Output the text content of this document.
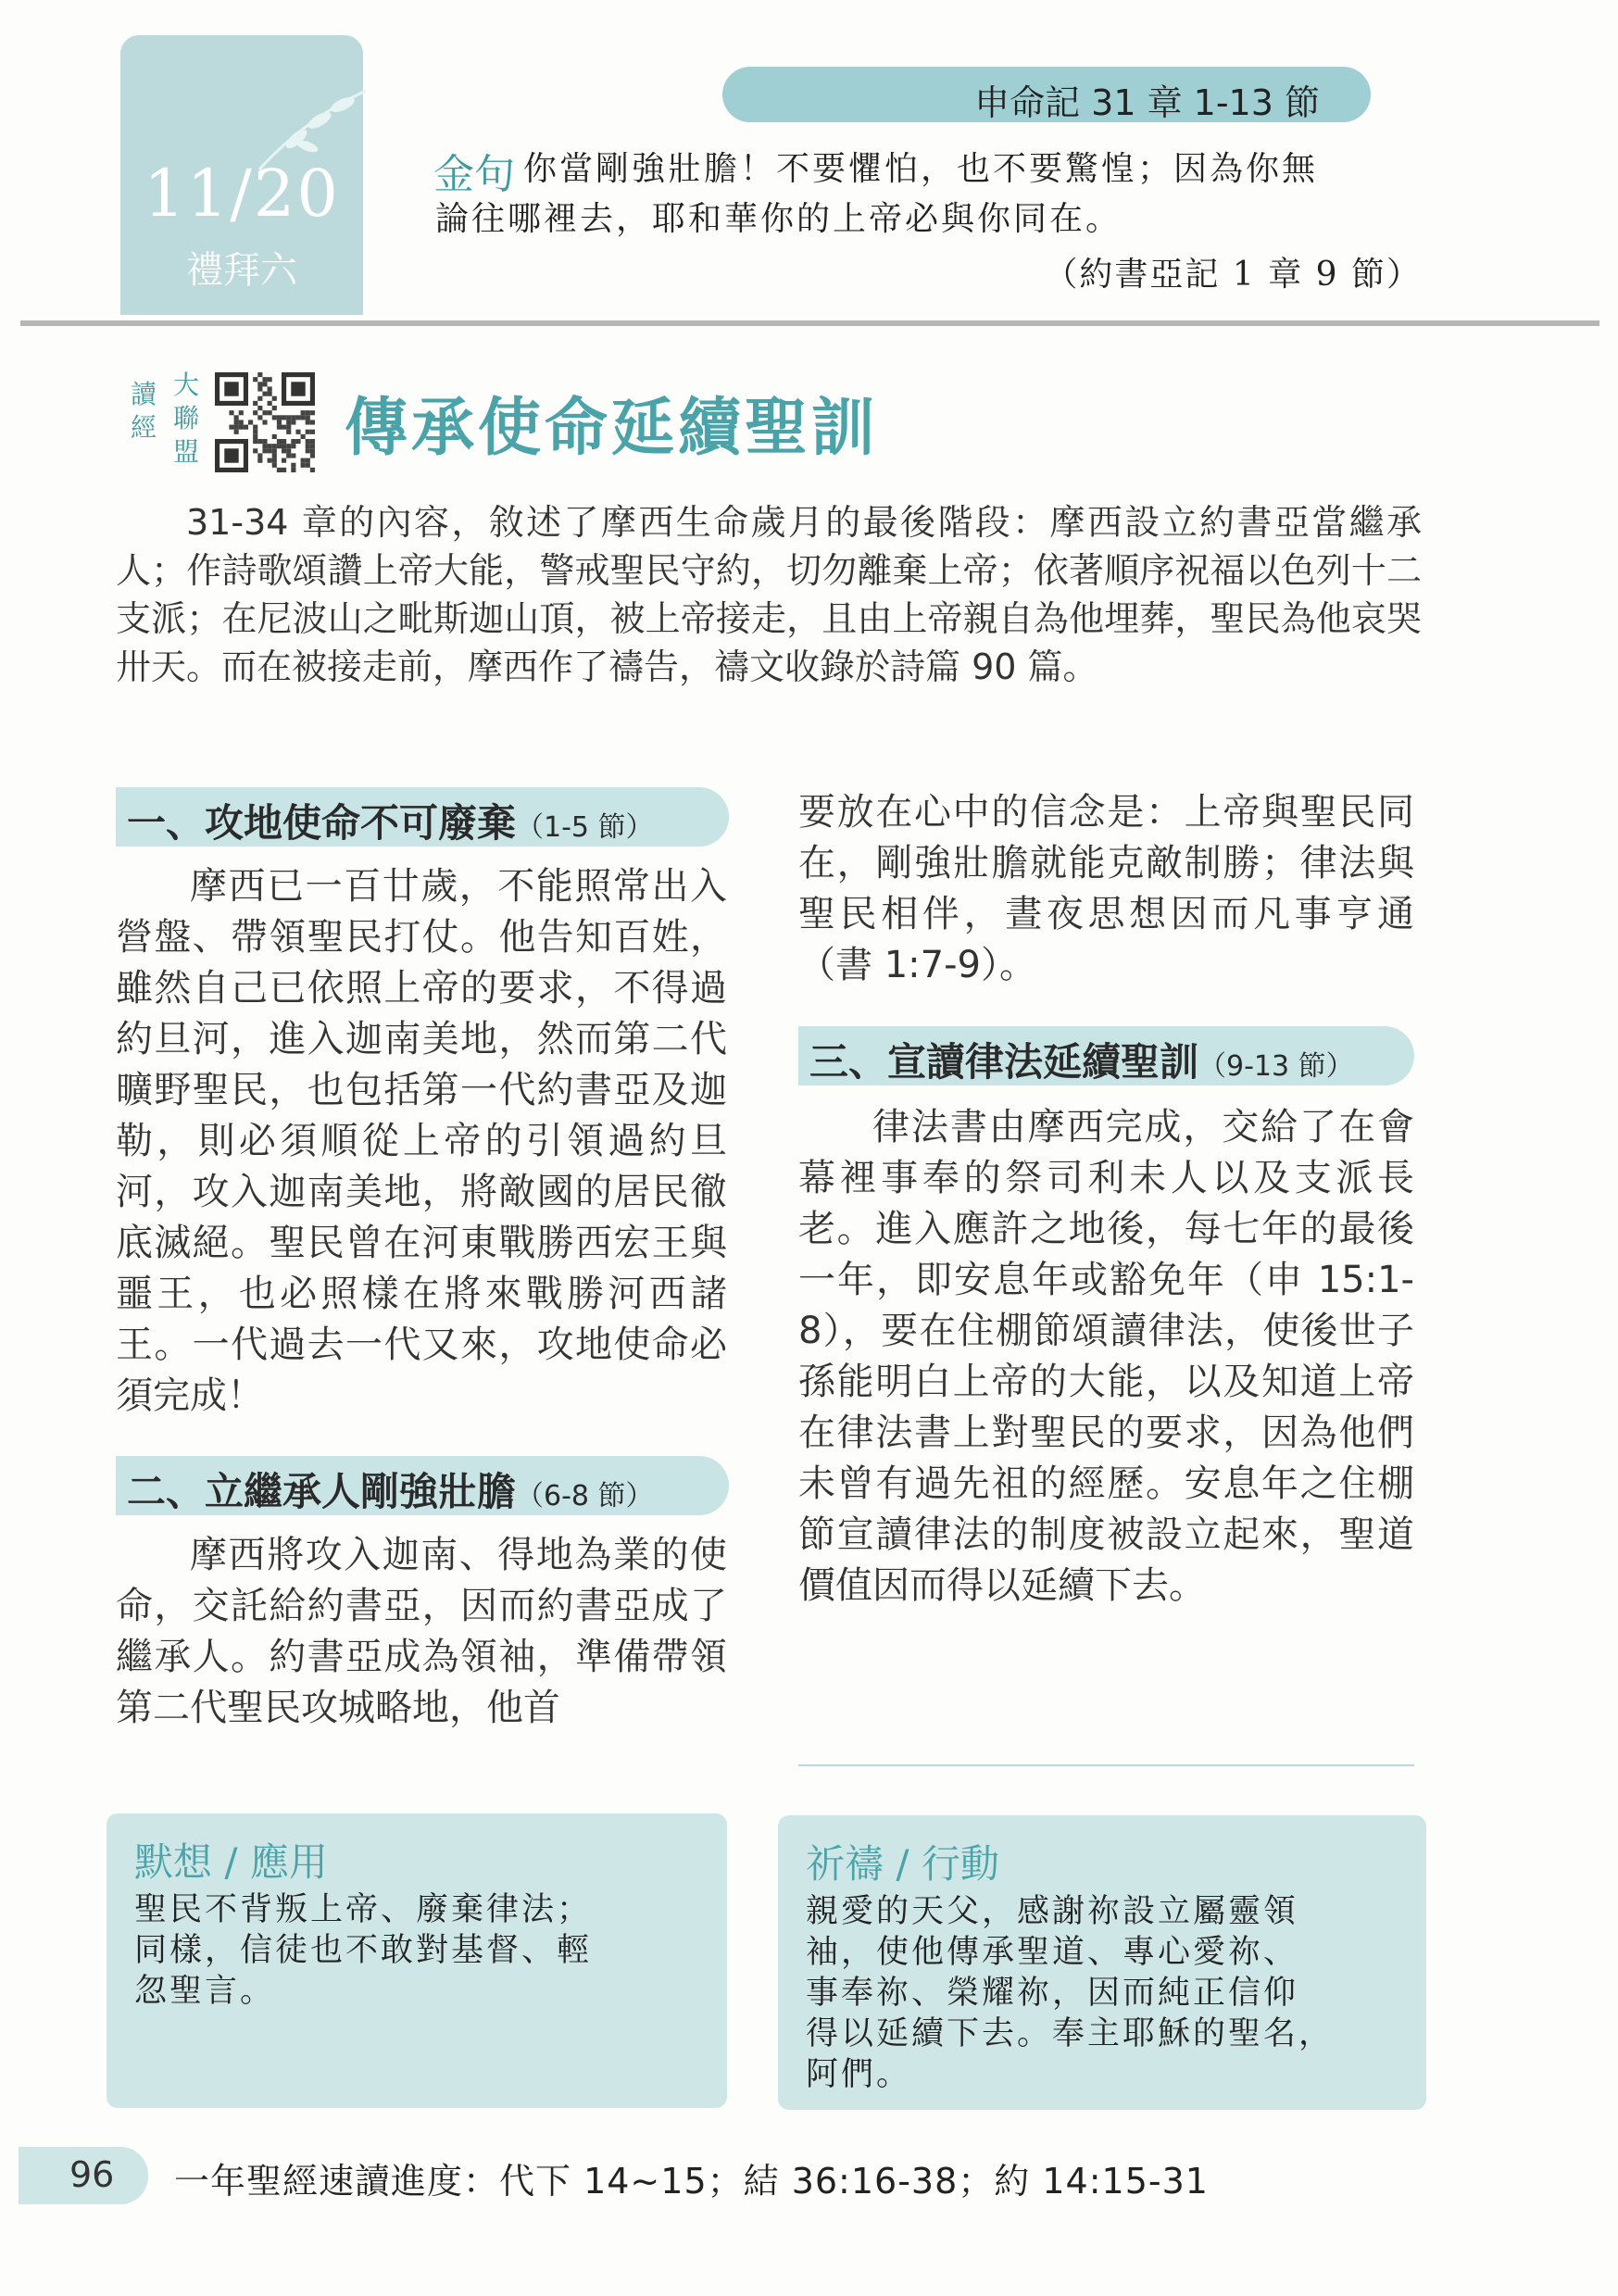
11/20
禮拜六
申命記 31 章 1-13 節
金句 你當剛強壯膽！不要懼怕，也不要驚惶；因為你無
論往哪裡去，耶和華你的上帝必與你同在。
（約書亞記 1 章 9 節）
讀
經
大
聯
盟 傳承使命延續聖訓
31-34 章的內容，敘述了摩西生命歲月的最後階段：摩西設立約書亞當繼承人；作詩歌頌讚上帝大能，警戒聖民守約，切勿離棄上帝；依著順序祝福以色列十二支派；在尼波山之毗斯迦山頂，被上帝接走，且由上帝親自為他埋葬，聖民為他哀哭卅天。而在被接走前，摩西作了禱告，禱文收錄於詩篇 90 篇。
一、攻地使命不可廢棄（1-5 節）
摩西已一百廿歲，不能照常出入營盤、帶領聖民打仗。他告知百姓，雖然自己已依照上帝的要求，不得過約旦河，進入迦南美地，然而第二代曠野聖民，也包括第一代約書亞及迦勒，則必須順從上帝的引領過約旦河，攻入迦南美地，將敵國的居民徹底滅絕。聖民曾在河東戰勝西宏王與噩王，也必照樣在將來戰勝河西諸王。一代過去一代又來，攻地使命必須完成！
二、立繼承人剛強壯膽（6-8 節）
摩西將攻入迦南、得地為業的使命，交託給約書亞，因而約書亞成了繼承人。約書亞成為領袖，準備帶領第二代聖民攻城略地，他首
要放在心中的信念是：上帝與聖民同在，剛強壯膽就能克敵制勝；律法與聖民相伴，晝夜思想因而凡事亨通（書 1:7-9）。
三、宣讀律法延續聖訓（9-13 節）
律法書由摩西完成，交給了在會幕裡事奉的祭司利未人以及支派長老。進入應許之地後，每七年的最後一年，即安息年或豁免年（申 15:1-8），要在住棚節頌讀律法，使後世子孫能明白上帝的大能，以及知道上帝在律法書上對聖民的要求，因為他們未曾有過先祖的經歷。安息年之住棚節宣讀律法的制度被設立起來，聖道價值因而得以延續下去。
默想 / 應用
聖民不背叛上帝、廢棄律法；
同樣，信徒也不敢對基督、輕
忽聖言。
祈禱 / 行動
親愛的天父，感謝祢設立屬靈領
袖，使他傳承聖道、專心愛祢、
事奉祢、榮耀祢，因而純正信仰
得以延續下去。奉主耶穌的聖名，
阿們。
96 一年聖經速讀進度：代下 14~15；結 36:16-38；約 14:15-31
